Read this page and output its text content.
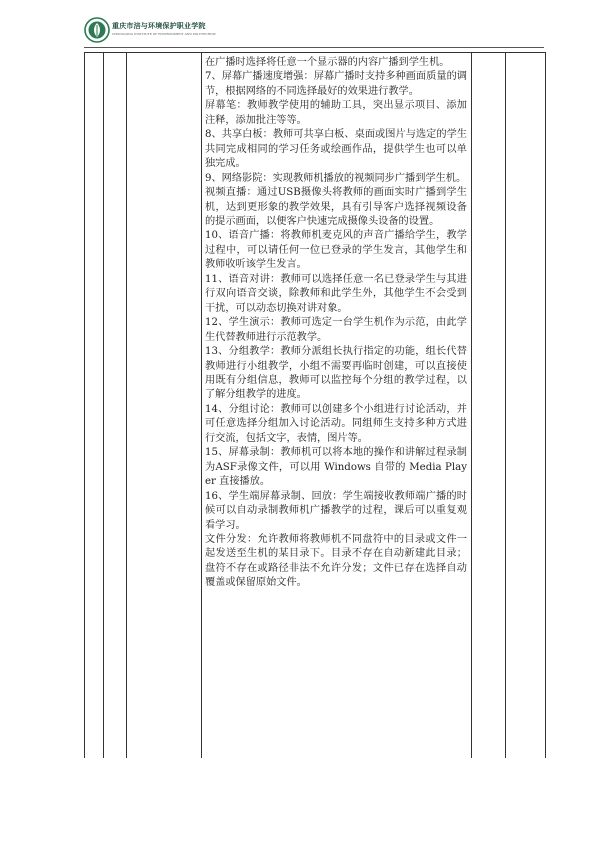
重庆市涪与环境保护职业学院
CHONGQING INSTITUTE OF ENVIRONMENT AND POLYTECHNIC

在广播时选择将任意一个显示器的内容广播到学生机。

7、屏幕广播速度增强：屏幕广播时支持多种画面质量的调节，根据网络的不同选择最好的效果进行教学。

屏幕笔：教师教学使用的辅助工具，突出显示项目、添加注释，添加批注等等。

8、共享白板：教师可共享白板、桌面或图片与选定的学生共同完成相同的学习任务或绘画作品，提供学生也可以单独完成。

9、网络影院：实现教师机播放的视频同步广播到学生机。

视频直播：通过USB摄像头将教师的画面实时广播到学生机，达到更形象的教学效果，具有引导客户选择视频设备的提示画面，以便客户快速完成摄像头设备的设置。

10、语音广播：将教师机麦克风的声音广播给学生，教学过程中，可以请任何一位已登录的学生发言，其他学生和教师收听该学生发言。

11、语音对讲：教师可以选择任意一名已登录学生与其进行双向语音交谈，除教师和此学生外，其他学生不会受到干扰，可以动态切换对讲对象。

12、学生演示：教师可选定一台学生机作为示范，由此学生代替教师进行示范教学。

13、分组教学：教师分派组长执行指定的功能，组长代替教师进行小组教学，小组不需要再临时创建，可以直接使用既有分组信息，教师可以监控每个分组的教学过程，以了解分组教学的进度。

14、分组讨论：教师可以创建多个小组进行讨论活动，并可任意选择分组加入讨论活动。同组师生支持多种方式进行交流，包括文字，表情，图片等。

15、屏幕录制：教师机可以将本地的操作和讲解过程录制为ASF录像文件，可以用 Windows 自带的 Media Player 直接播放。

16、学生端屏幕录制、回放：学生端接收教师端广播的时候可以自动录制教师机广播教学的过程，课后可以重复观看学习。

文件分发：允许教师将教师机不同盘符中的目录或文件一起发送至生机的某目录下。目录不存在自动新建此目录；盘符不存在或路径非法不允许分发；文件已存在选择自动覆盖或保留原始文件。
